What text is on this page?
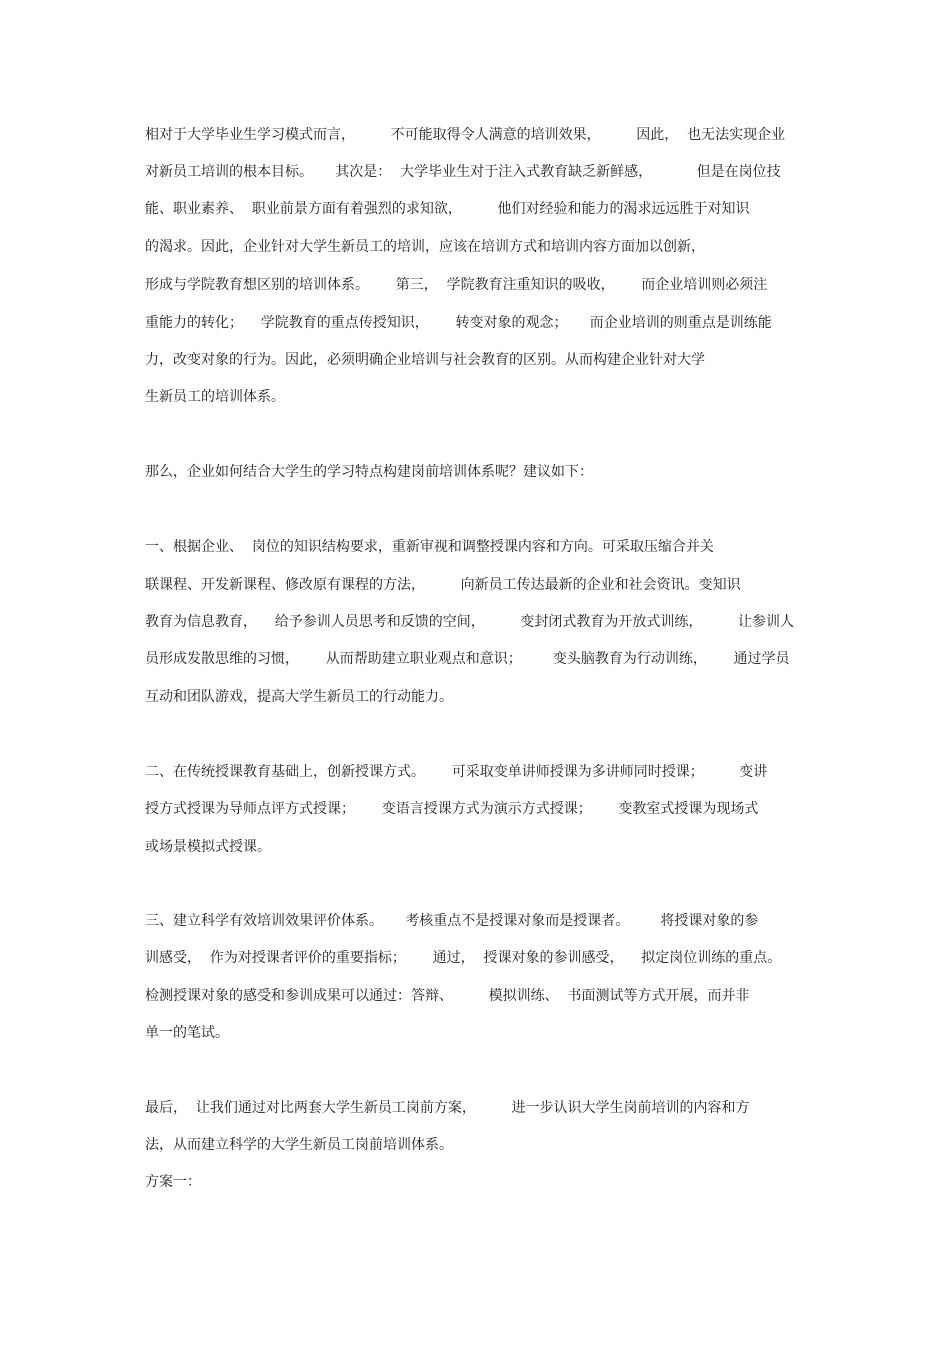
相对于大学毕业生学习模式而言，        不可能取得令人满意的培训效果，        因此，  也无法实现企业
对新员工培训的根本目标。     其次是：  大学毕业生对于注入式教育缺乏新鲜感，          但是在岗位技
能、职业素养、  职业前景方面有着强烈的求知欲，        他们对经验和能力的渴求远远胜于对知识
的渴求。因此，企业针对大学生新员工的培训，应该在培训方式和培训内容方面加以创新，
形成与学院教育想区别的培训体系。      第三，  学院教育注重知识的吸收，      而企业培训则必须注
重能力的转化；    学院教育的重点传授知识，      转变对象的观念；     而企业培训的则重点是训练能
力，改变对象的行为。因此，必须明确企业培训与社会教育的区别。从而构建企业针对大学
生新员工的培训体系。
那么，企业如何结合大学生的学习特点构建岗前培训体系呢？建议如下：
一、根据企业、  岗位的知识结构要求，重新审视和调整授课内容和方向。可采取压缩合并关
联课程、开发新课程、修改原有课程的方法，        向新员工传达最新的企业和社会资讯。变知识
教育为信息教育，    给予参训人员思考和反馈的空间，        变封闭式教育为开放式训练，        让参训人
员形成发散思维的习惯，      从而帮助建立职业观点和意识；       变头脑教育为行动训练，      通过学员
互动和团队游戏，提高大学生新员工的行动能力。
二、在传统授课教育基础上，创新授课方式。      可采取变单讲师授课为多讲师同时授课；        变讲
授方式授课为导师点评方式授课；      变语言授课方式为演示方式授课；      变教室式授课为现场式
或场景模拟式授课。
三、建立科学有效培训效果评价体系。     考核重点不是授课对象而是授课者。       将授课对象的参
训感受，  作为对授课者评价的重要指标；      通过，  授课对象的参训感受，    拟定岗位训练的重点。
检测授课对象的感受和参训成果可以通过：答辩、        模拟训练、  书面测试等方式开展，而并非
单一的笔试。
最后，  让我们通过对比两套大学生新员工岗前方案，        进一步认识大学生岗前培训的内容和方
法，从而建立科学的大学生新员工岗前培训体系。
方案一：
